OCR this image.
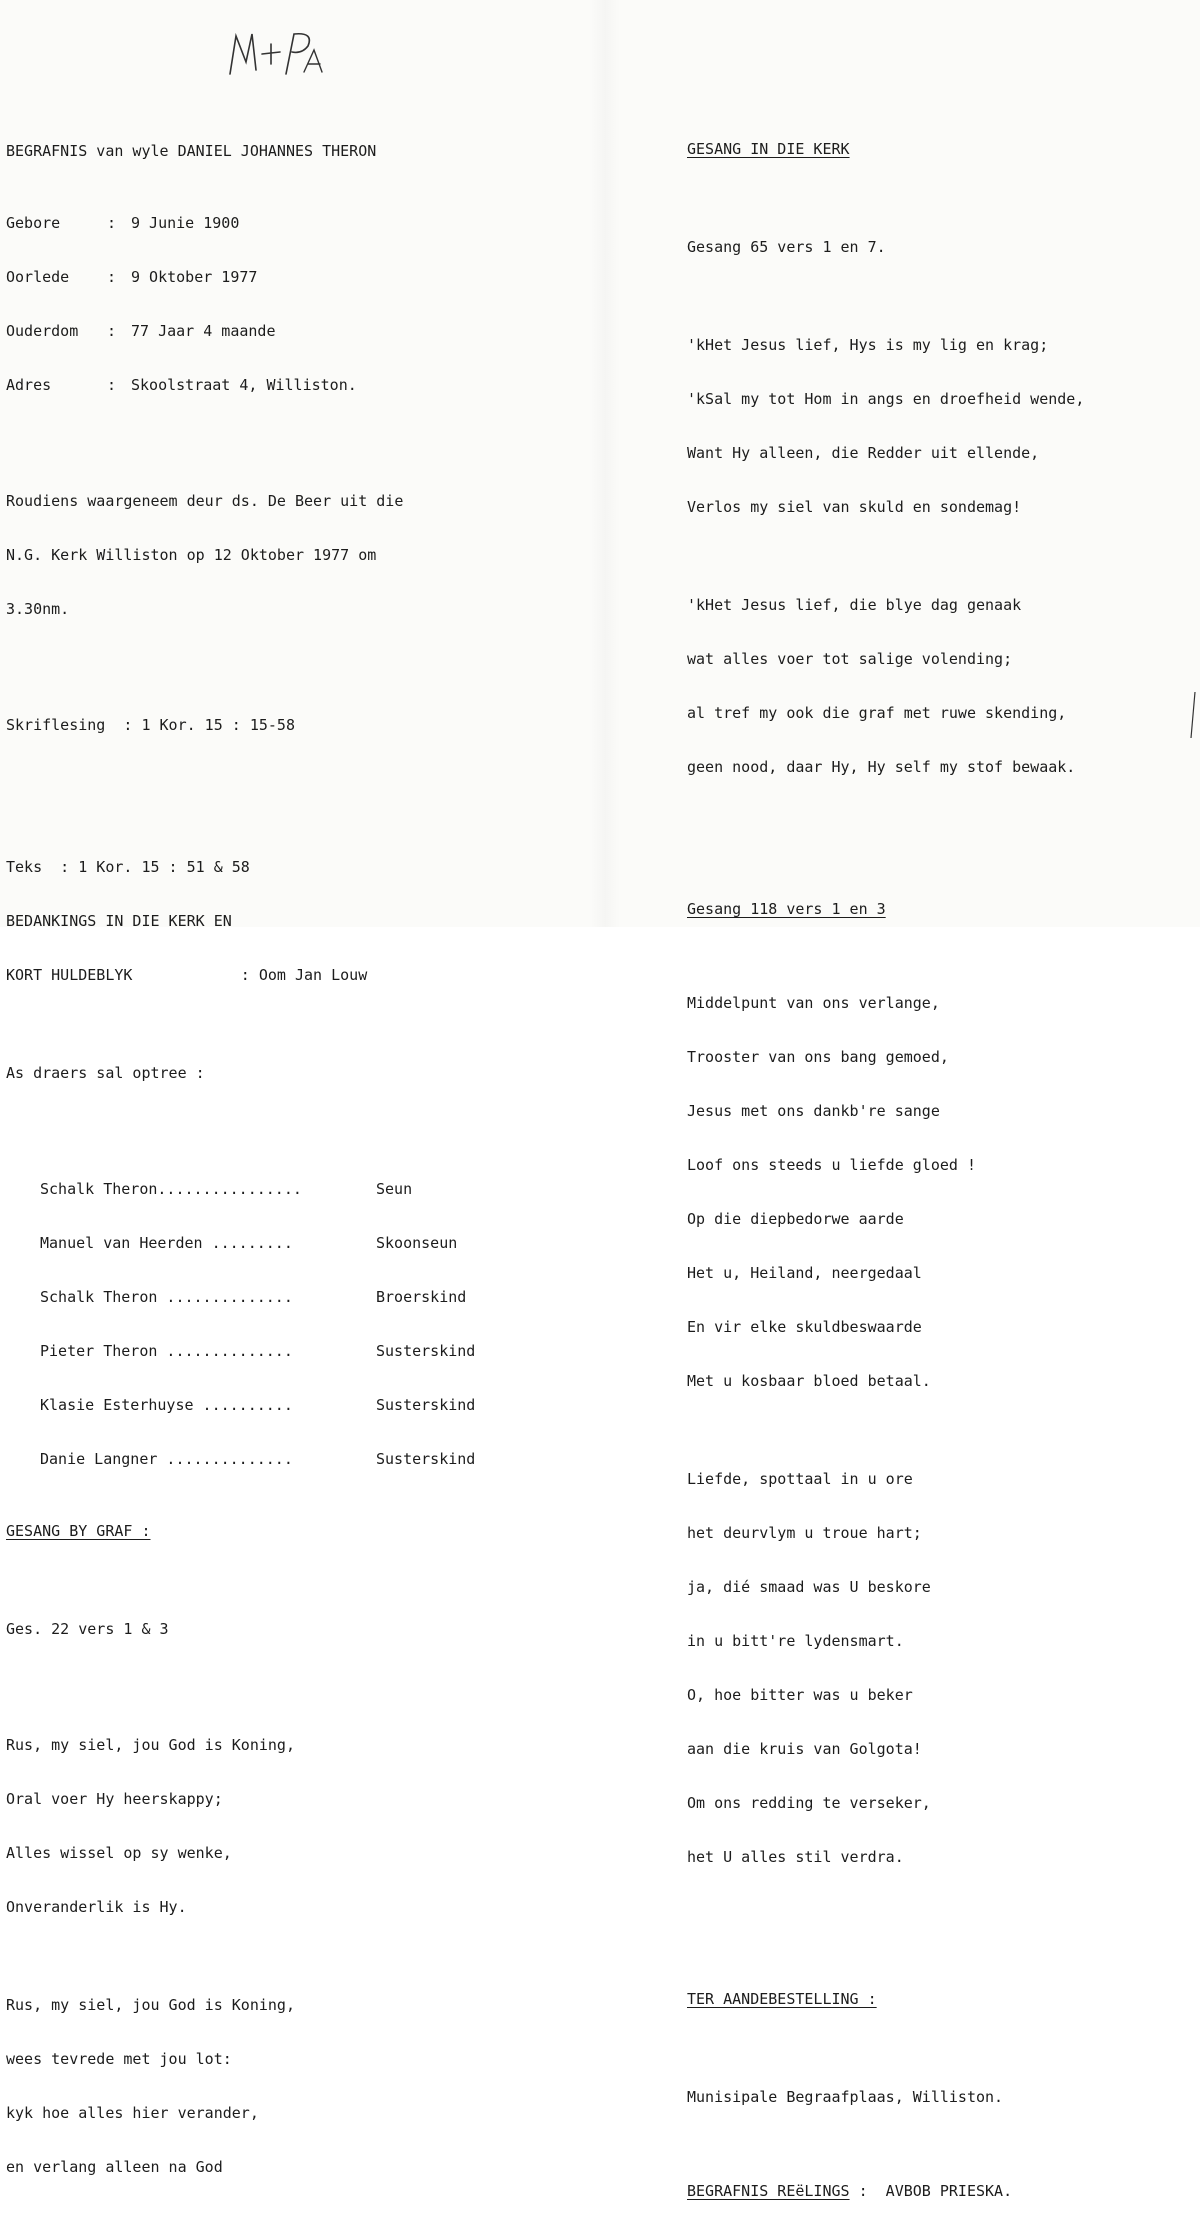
BEGRAFNIS van wyle DANIEL JOHANNES THERON

Gebore	: 9 Junie 1900

Oorlede	: 9 Oktober 1977

Ouderdom	: 77 Jaar 4 maande

Adres	: Skoolstraat 4, Williston.

Roudiens waargeneem deur ds. De Beer uit die

N.G. Kerk Williston op 12 Oktober 1977 om

3.30nm.

Skriflesing  : 1 Kor. 15 : 15-58

Teks  : 1 Kor. 15 : 51 & 58

BEDANKINGS IN DIE KERK EN

KORT HULDEBLYK            : Oom Jan Louw

As draers sal optree :

Schalk Theron................	Seun

Manuel van Heerden .........	Skoonseun

Schalk Theron ..............	Broerskind

Pieter Theron ..............	Susterskind

Klasie Esterhuyse ..........	Susterskind

Danie Langner ..............	Susterskind

GESANG BY GRAF :

Ges. 22 vers 1 & 3

Rus, my siel, jou God is Koning,

Oral voer Hy heerskappy;

Alles wissel op sy wenke,

Onveranderlik is Hy.

Rus, my siel, jou God is Koning,

wees tevrede met jou lot:

kyk hoe alles hier verander,

en verlang alleen na God

GESANG IN DIE KERK

Gesang 65 vers 1 en 7.

'kHet Jesus lief, Hys is my lig en krag;

'kSal my tot Hom in angs en droefheid wende,

Want Hy alleen, die Redder uit ellende,

Verlos my siel van skuld en sondemag!

'kHet Jesus lief, die blye dag genaak

wat alles voer tot salige volending;

al tref my ook die graf met ruwe skending,

geen nood, daar Hy, Hy self my stof bewaak.

Gesang 118 vers 1 en 3

Middelpunt van ons verlange,

Trooster van ons bang gemoed,

Jesus met ons dankb're sange

Loof ons steeds u liefde gloed !

Op die diepbedorwe aarde

Het u, Heiland, neergedaal

En vir elke skuldbeswaarde

Met u kosbaar bloed betaal.

Liefde, spottaal in u ore

het deurvlym u troue hart;

ja, dié smaad was U beskore

in u bitt're lydensmart.

O, hoe bitter was u beker

aan die kruis van Golgota!

Om ons redding te verseker,

het U alles stil verdra.

TER AANDEBESTELLING :

Munisipale Begraafplaas, Williston.

BEGRAFNIS REëLINGS :  AVBOB PRIESKA.
